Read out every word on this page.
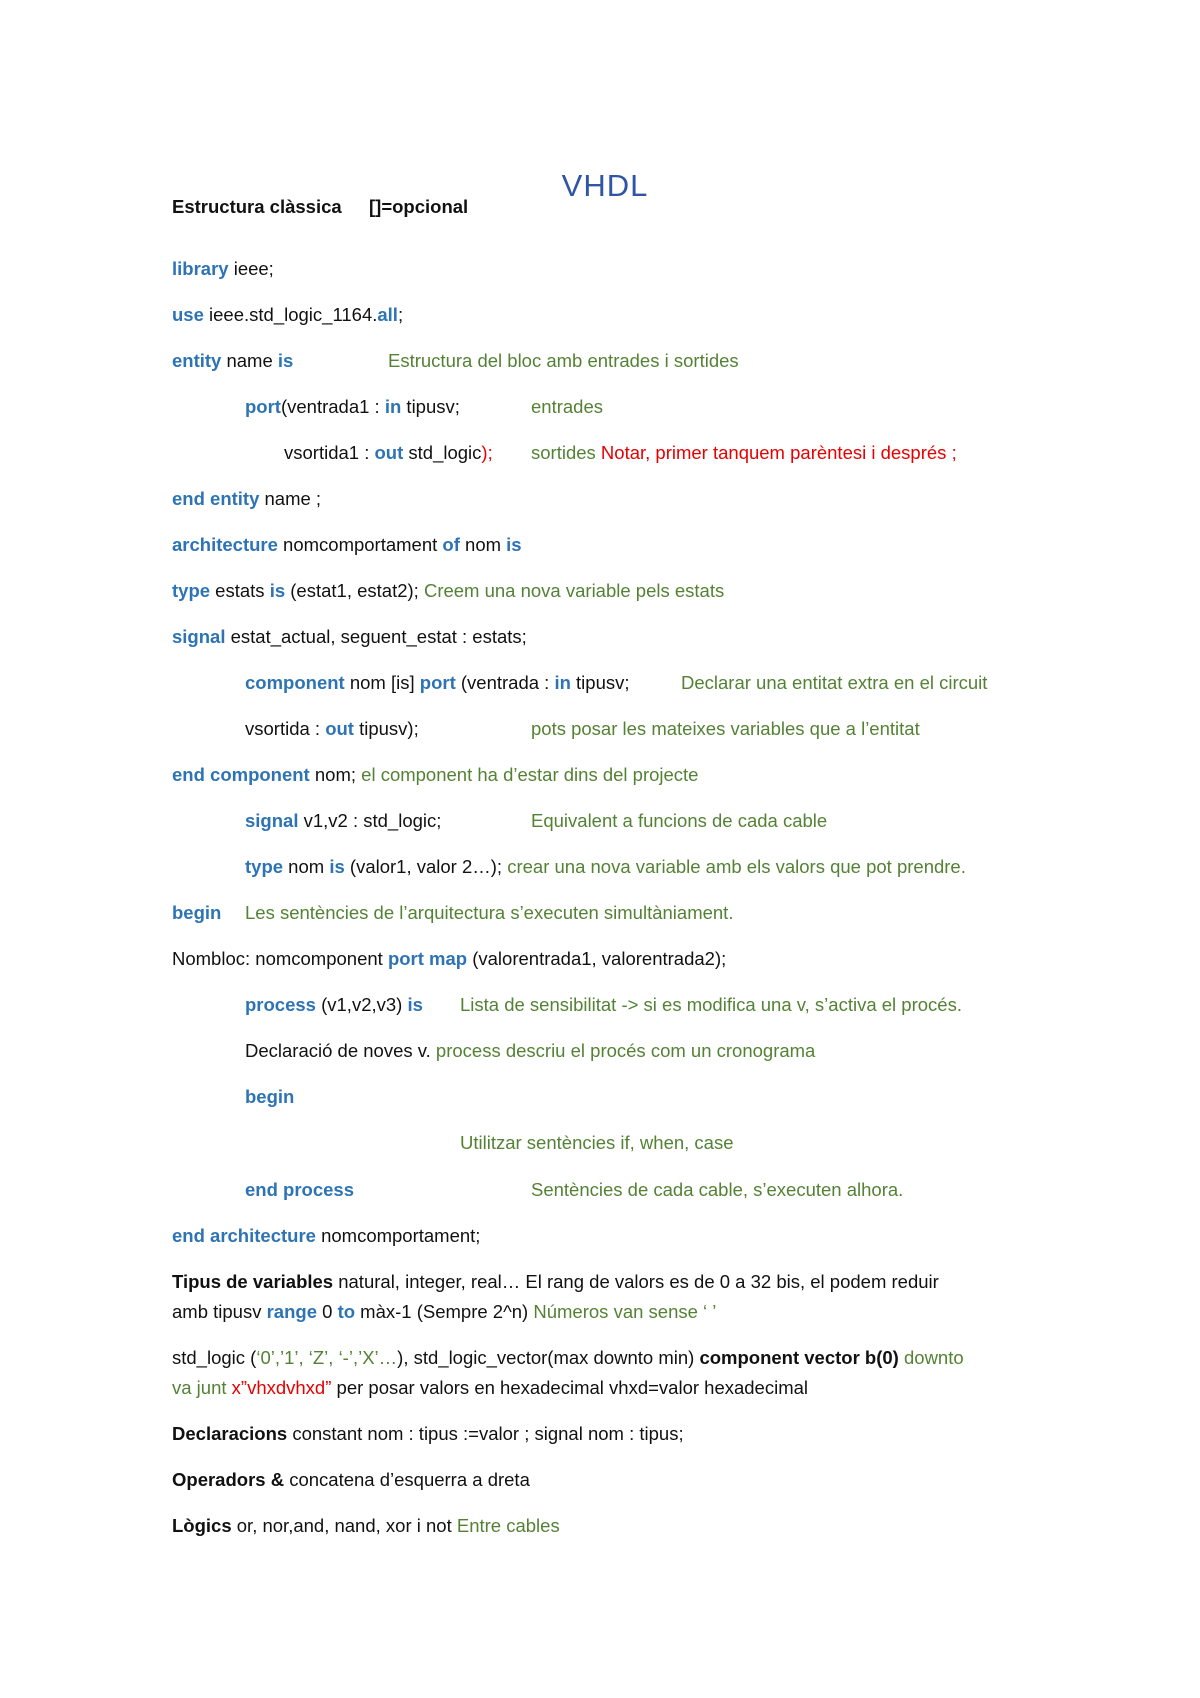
VHDL
Estructura clàssica []=opcional
library ieee;
use ieee.std_logic_1164.all;
entity name is	Estructura del bloc amb entrades i sortides
port(ventrada1 : in tipusv;	entrades
vsortida1 : out std_logic); sortides Notar, primer tanquem parèntesi i després ;
end entity name ;
architecture nomcomportament of nom is
type estats is (estat1, estat2); Creem una nova variable pels estats
signal estat_actual, seguent_estat : estats;
component nom [is] port (ventrada : in tipusv;	Declarar una entitat extra en el circuit
vsortida : out tipusv);	pots posar les mateixes variables que a l’entitat
end component nom; el component ha d’estar dins del projecte
signal v1,v2 : std_logic;	Equivalent a funcions de cada cable
type nom is (valor1, valor 2…); crear una nova variable amb els valors que pot prendre.
begin Les sentències de l’arquitectura s’executen simultàniament.
Nombloc: nomcomponent port map (valorentrada1, valorentrada2);
process (v1,v2,v3) is Lista de sensibilitat -> si es modifica una v, s’activa el procés.
Declaració de noves v. process descriu el procés com un cronograma
begin
Utilitzar sentències if, when, case
end process	Sentències de cada cable, s’executen alhora.
end architecture nomcomportament;
Tipus de variables natural, integer, real… El rang de valors es de 0 a 32 bis, el podem reduir
amb tipusv range 0 to màx-1 (Sempre 2^n) Números van sense ‘ ’
std_logic (‘0’,’1’, ‘Z’, ‘-’,’X’…), std_logic_vector(max downto min) component vector b(0) downto
va junt x”vhxdvhxd” per posar valors en hexadecimal vhxd=valor hexadecimal
Declaracions constant nom : tipus :=valor ; signal nom : tipus;
Operadors & concatena d’esquerra a dreta
Lògics or, nor,and, nand, xor i not Entre cables
